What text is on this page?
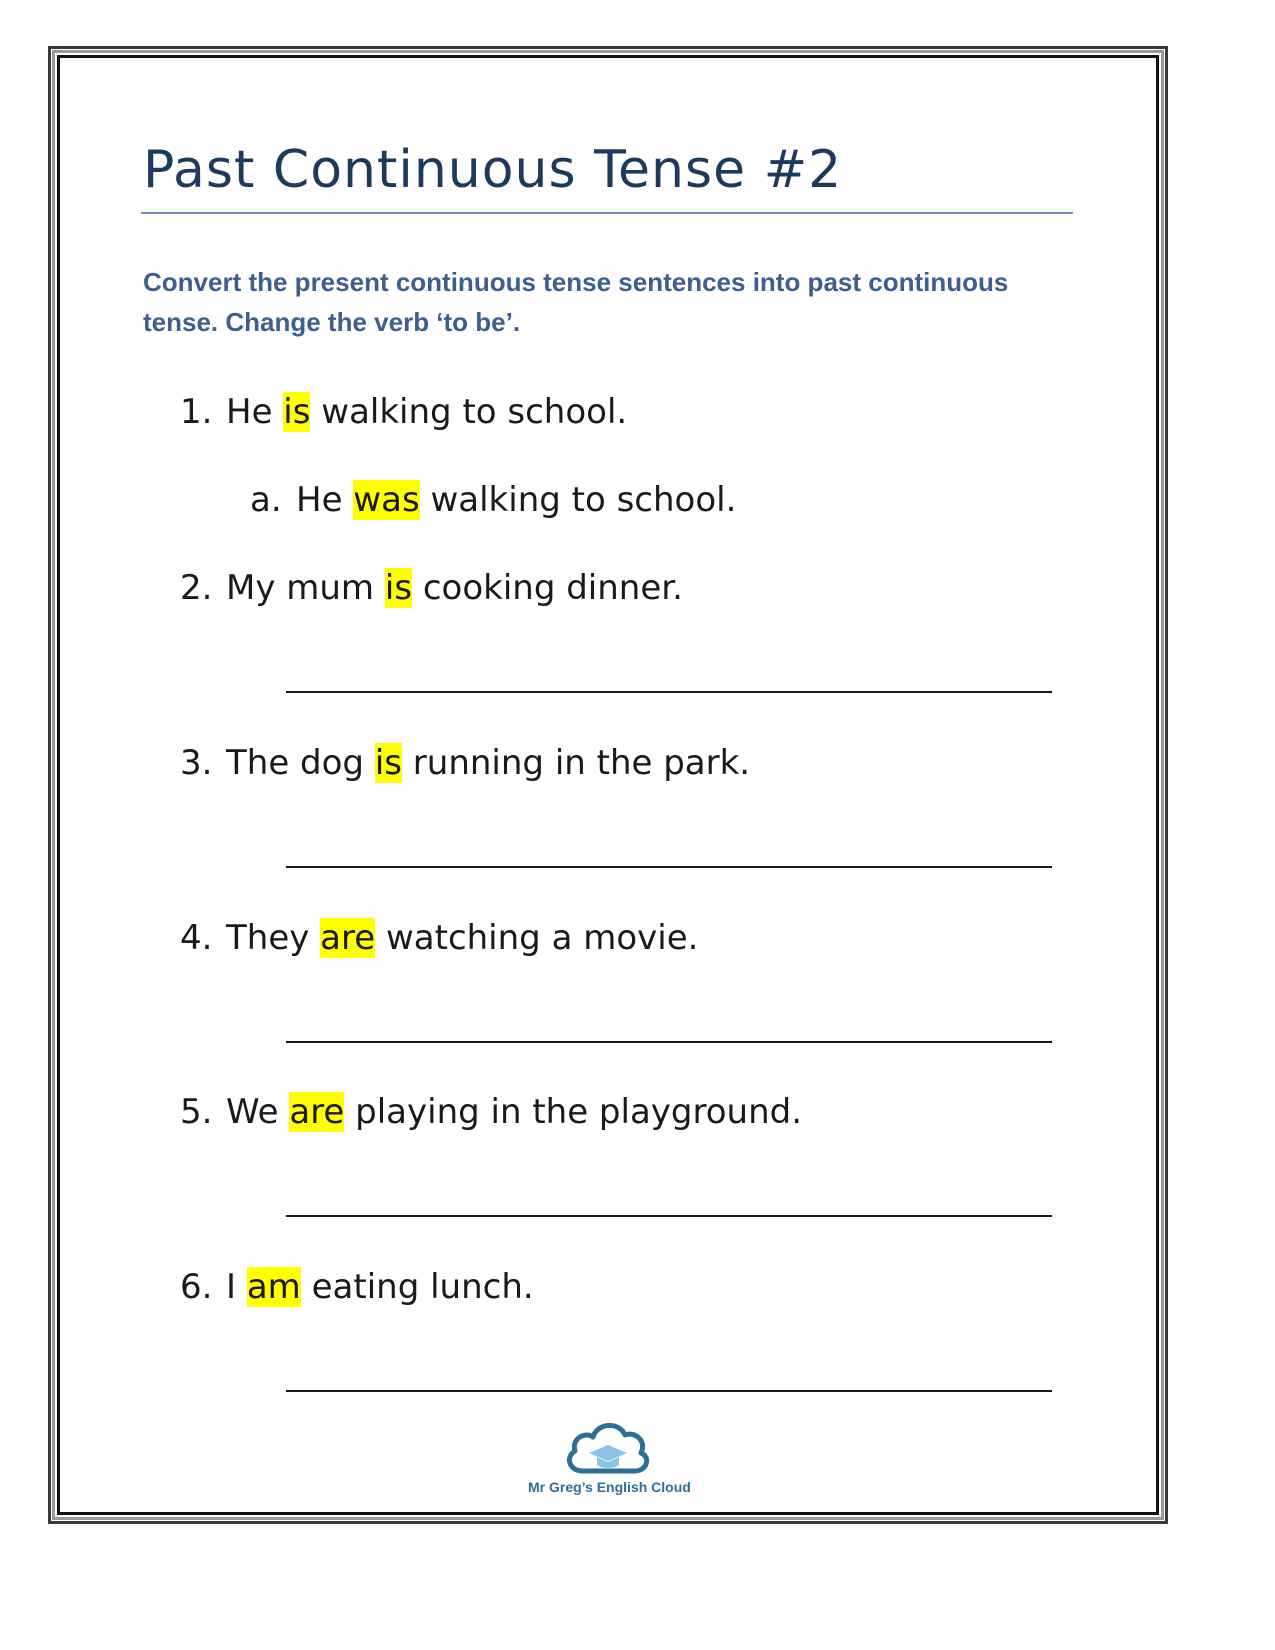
Past Continuous Tense #2

Convert the present continuous tense sentences into past continuous tense. Change the verb ‘to be’.

1. He is walking to school.
a. He was walking to school.
2. My mum is cooking dinner.
3. The dog is running in the park.
4. They are watching a movie.
5. We are playing in the playground.
6. I am eating lunch.
Mr Greg’s English Cloud
